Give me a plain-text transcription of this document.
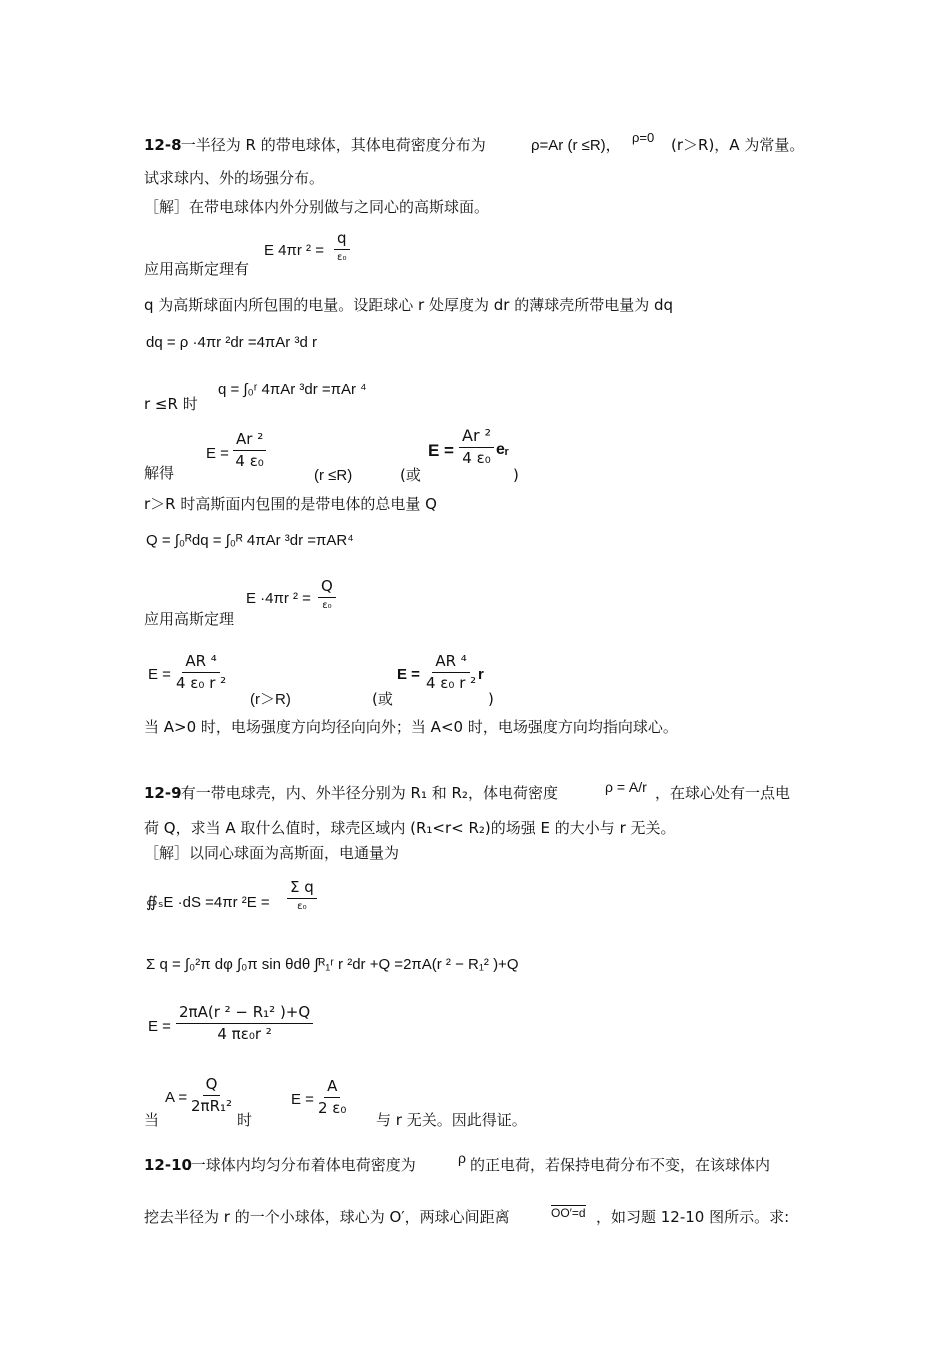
12-8
.一半径为 R 的带电球体，其体电荷密度分布为	ρ=Ar (r ≤R)， ρ=0 (r＞R)，A 为常量。
试求球内、外的场强分布。
［解］在带电球体内外分别做与之同心的高斯球面。
E 4πr ² =
q
ε₀
应用高斯定理有
q 为高斯球面内所包围的电量。设距球心 r 处厚度为 dr 的薄球壳所带电量为 dq
dq = ρ ·4πr ²dr =4πAr ³d r
q = ∫₀ʳ 4πAr ³dr =πAr ⁴
r ≤R 时
$E = \frac{\text{Ar ²}}{\text{4 ε₀}}$
解得	(r ≤R)	(或
$E = \frac{\text{Ar ²}}{\text{4 ε₀}}$ eᵣ
)
r＞R 时高斯面内包围的是带电体的总电量 Q
Q = ∫₀ᴿdq = ∫₀ᴿ 4πAr ³dr =πAR⁴
E ·4πr ² =
Q
ε₀
应用高斯定理
$E = \frac{\text{AR ⁴}}{\text{4 ε₀ r ²}}$
(r＞R)	(或
$E = \frac{\text{AR ⁴}}{\text{4 ε₀ r ²}}$ r
)
当 A>0 时，电场强度方向均径向向外；当 A<0 时，电场强度方向均指向球心。
12-9
.有一带电球壳，内、外半径分别为 R₁ 和 R₂，体电荷密度	ρ = A/r ，在球心处有一点电
荷 Q，求当 A 取什么值时，球壳区域内 (R₁<r< R₂)的场强 E 的大小与 r 无关。
［解］以同心球面为高斯面，电通量为
∯ₛE ·dS =4πr ²E =
Σ q
ε₀
Σ q = ∫₀²π dφ ∫₀π sin θdθ ∫ᴿ₁ʳ r ²dr +Q =2πA(r ² − R₁² )+Q
$E = \frac{\text{2πA(r ² − R₁² )+Q}}{\text{4 πε₀r ²}}$
当
$A = \frac{Q}{\text{2πR₁²}}$
时
$E = \frac{A}{\text{2 ε₀}}$
与 r 无关。因此得证。
12-10
.一球体内均匀分布着体电荷密度为	ρ 的正电荷，若保持电荷分布不变，在该球体内
挖去半径为 r 的一个小球体，球心为 O′，两球心间距离	OO′=d ，如习题 12-10 图所示。求:
